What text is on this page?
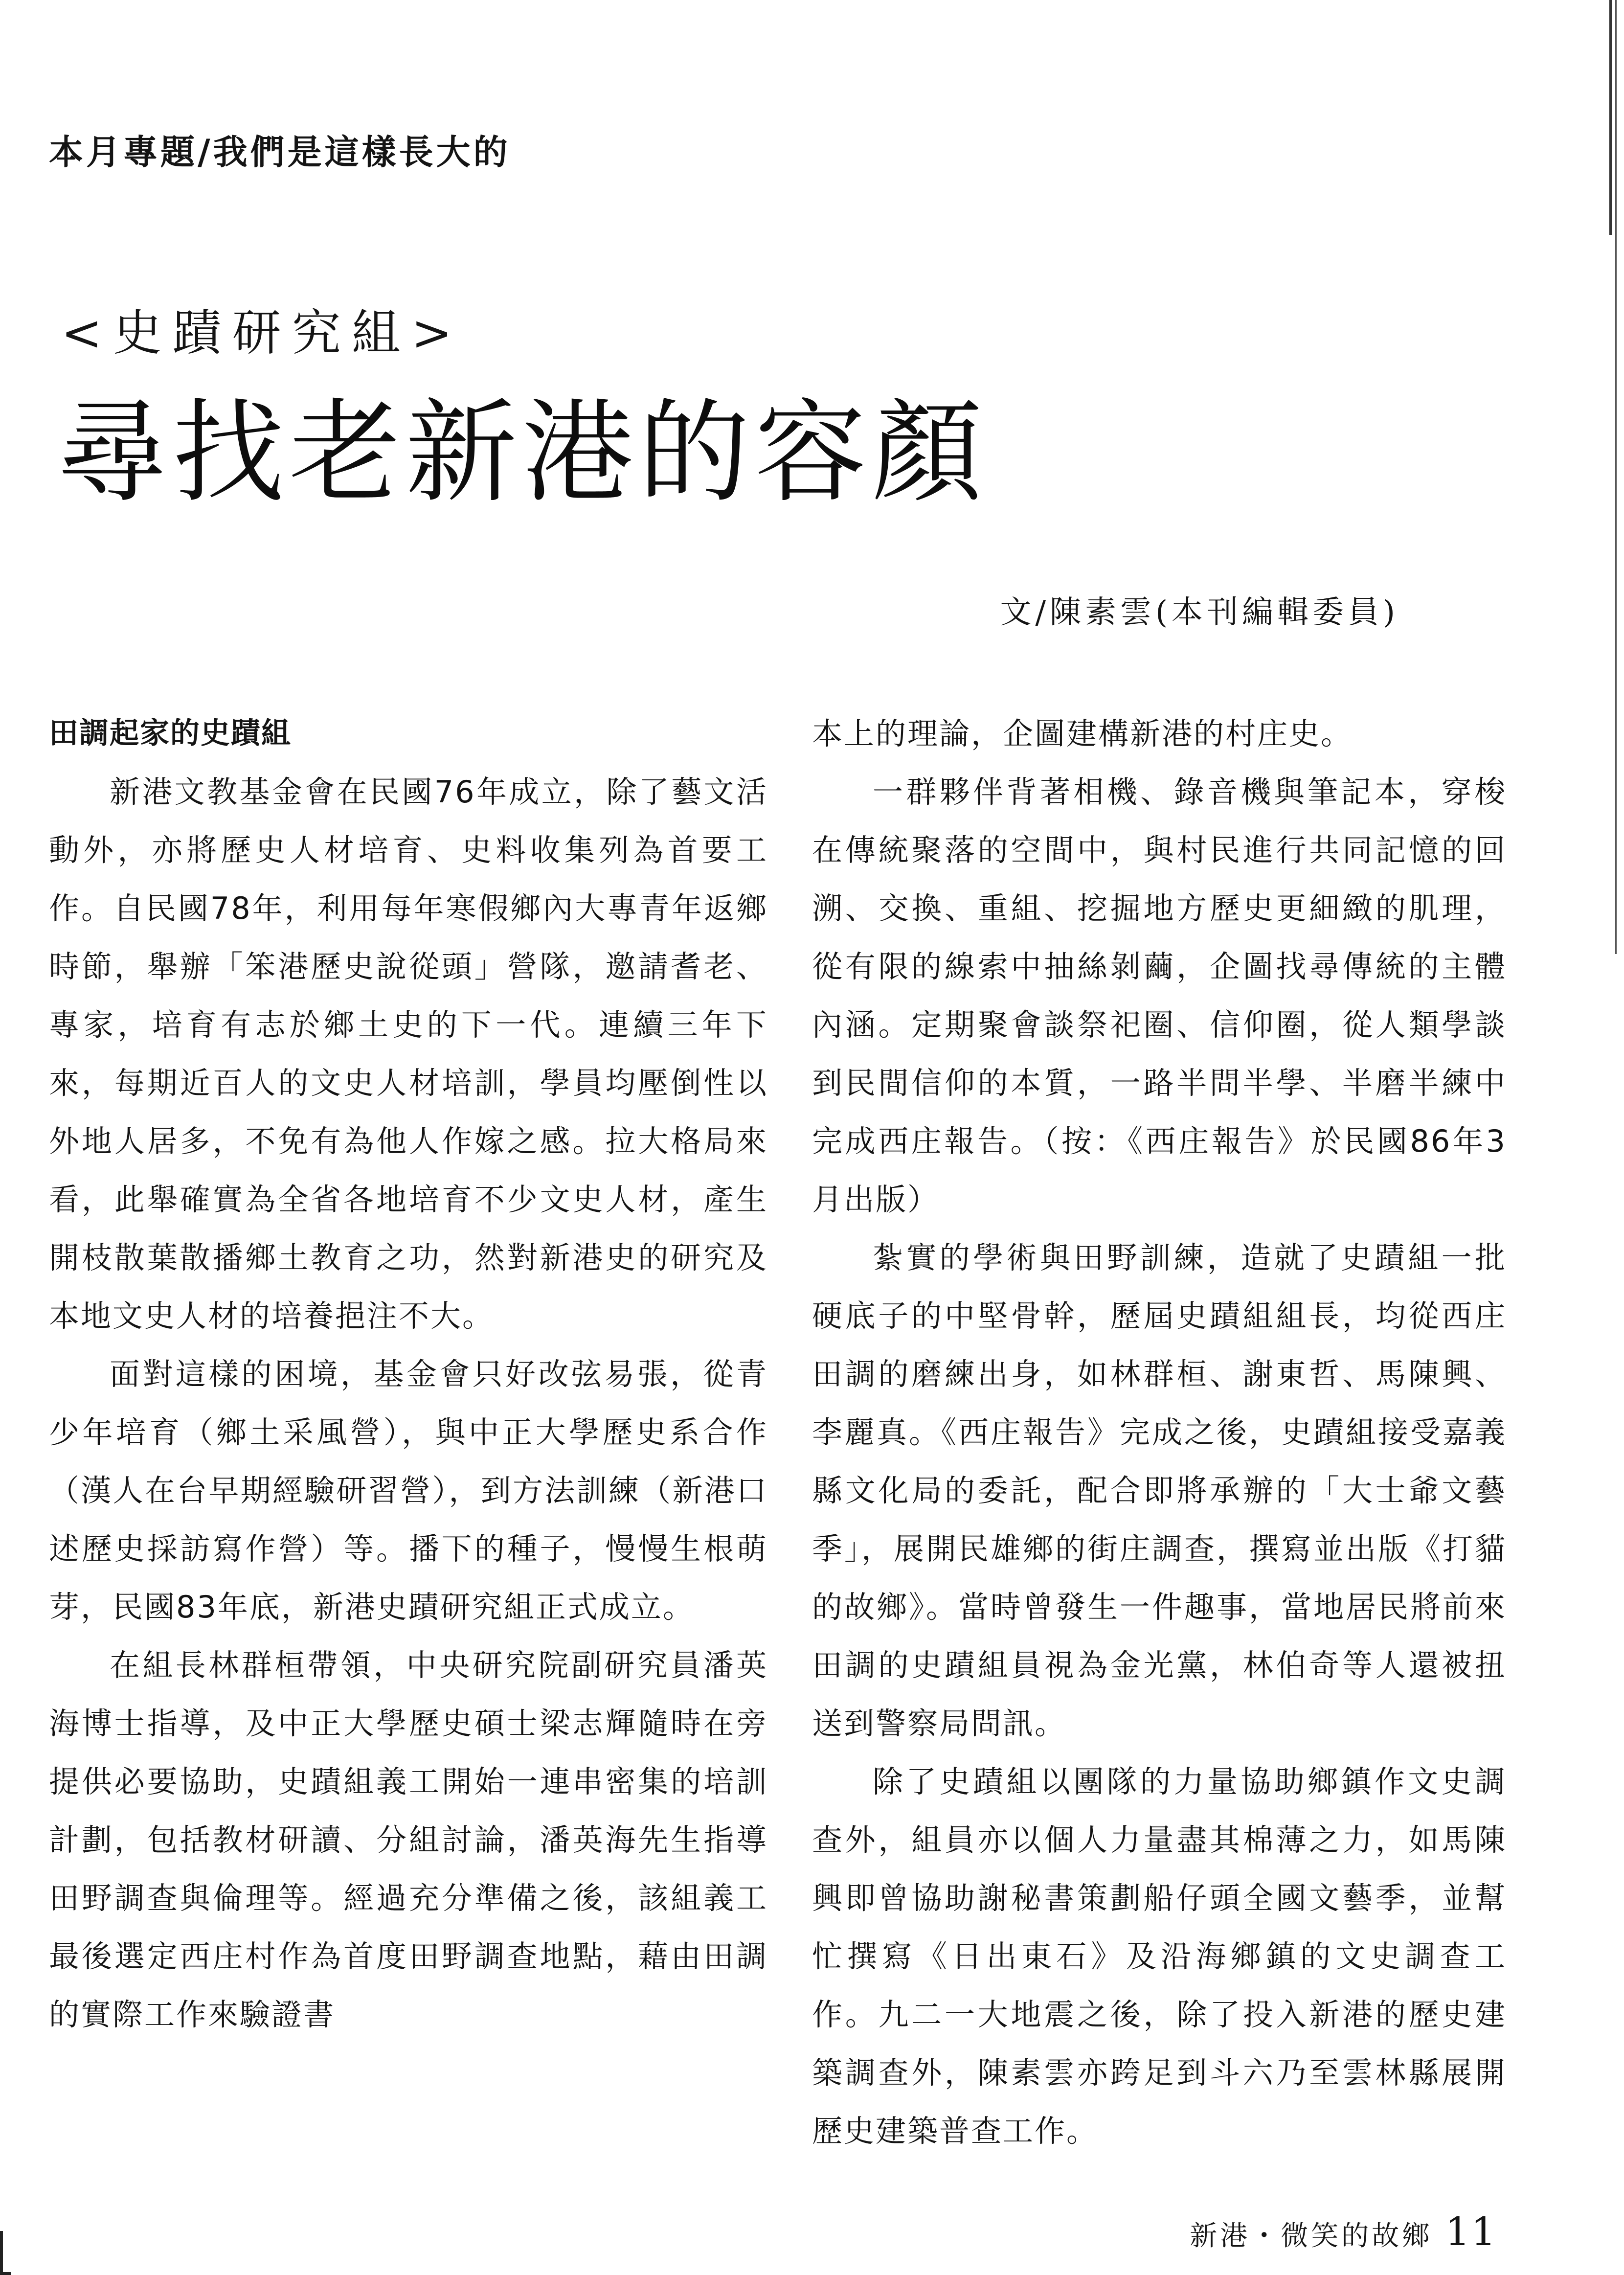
本月專題/我們是這樣長大的
<史蹟研究組>
尋找老新港的容顏
文/陳素雲(本刊編輯委員)

田調起家的史蹟組

新港文教基金會在民國76年成立，除了藝文活動外，亦將歷史人材培育、史料收集列為首要工作。自民國78年，利用每年寒假鄉內大專青年返鄉時節，舉辦「笨港歷史說從頭」營隊，邀請耆老、專家，培育有志於鄉土史的下一代。連續三年下來，每期近百人的文史人材培訓，學員均壓倒性以外地人居多，不免有為他人作嫁之感。拉大格局來看，此舉確實為全省各地培育不少文史人材，產生開枝散葉散播鄉土教育之功，然對新港史的研究及本地文史人材的培養挹注不大。

面對這樣的困境，基金會只好改弦易張，從青少年培育（鄉土采風營），與中正大學歷史系合作（漢人在台早期經驗研習營），到方法訓練（新港口述歷史採訪寫作營）等。播下的種子，慢慢生根萌芽，民國83年底，新港史蹟研究組正式成立。

在組長林群桓帶領，中央研究院副研究員潘英海博士指導，及中正大學歷史碩士梁志輝隨時在旁提供必要協助，史蹟組義工開始一連串密集的培訓計劃，包括教材研讀、分組討論，潘英海先生指導田野調查與倫理等。經過充分準備之後，該組義工最後選定西庄村作為首度田野調查地點，藉由田調的實際工作來驗證書

本上的理論，企圖建構新港的村庄史。

一群夥伴背著相機、錄音機與筆記本，穿梭在傳統聚落的空間中，與村民進行共同記憶的回溯、交換、重組、挖掘地方歷史更細緻的肌理，從有限的線索中抽絲剝繭，企圖找尋傳統的主體內涵。定期聚會談祭祀圈、信仰圈，從人類學談到民間信仰的本質，一路半問半學、半磨半練中完成西庄報告。（按：《西庄報告》於民國86年3月出版）

紮實的學術與田野訓練，造就了史蹟組一批硬底子的中堅骨幹，歷屆史蹟組組長，均從西庄田調的磨練出身，如林群桓、謝東哲、馬陳興、李麗真。《西庄報告》完成之後，史蹟組接受嘉義縣文化局的委託，配合即將承辦的「大士爺文藝季」，展開民雄鄉的街庄調查，撰寫並出版《打貓的故鄉》。當時曾發生一件趣事，當地居民將前來田調的史蹟組員視為金光黨，林伯奇等人還被扭送到警察局問訊。

除了史蹟組以團隊的力量協助鄉鎮作文史調查外，組員亦以個人力量盡其棉薄之力，如馬陳興即曾協助謝秘書策劃船仔頭全國文藝季，並幫忙撰寫《日出東石》及沿海鄉鎮的文史調查工作。九二一大地震之後，除了投入新港的歷史建築調查外，陳素雲亦跨足到斗六乃至雲林縣展開歷史建築普查工作。

新港・微笑的故鄉 11
